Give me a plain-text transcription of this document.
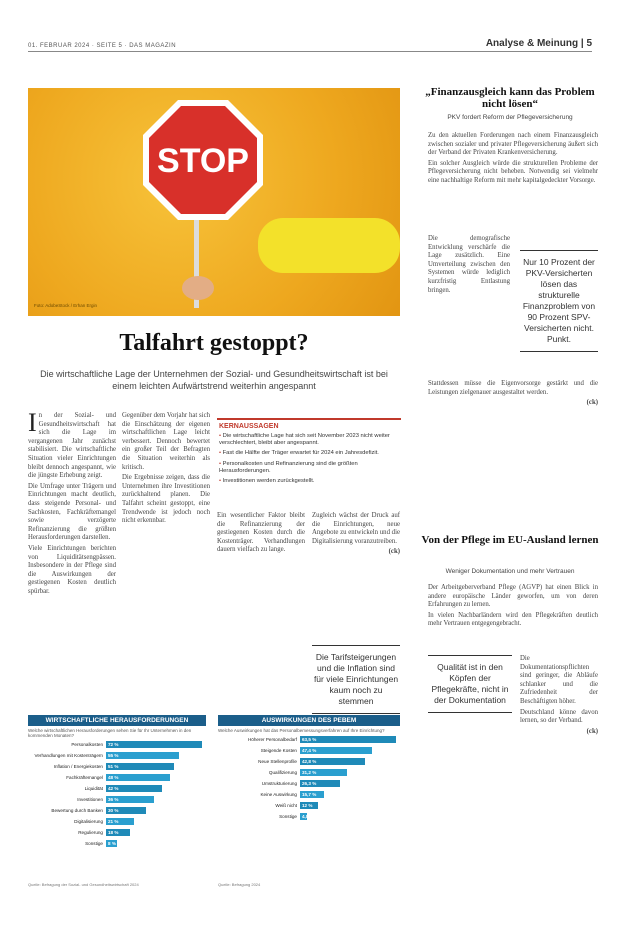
01. FEBRUAR 2024 · SEITE 5 · DAS MAGAZIN	Analyse & Meinung | 5
STOP
Foto: AdobeStock / Erhan Ergin
Talfahrt gestoppt?

Die wirtschaftliche Lage der Unternehmen der Sozial- und Gesundheitswirtschaft ist bei einem leichten Aufwärtstrend weiterhin angespannt

In der Sozial- und Gesundheitswirtschaft hat sich die Lage im vergangenen Jahr zunächst stabilisiert. Die wirtschaftliche Situation vieler Einrichtungen bleibt dennoch angespannt, wie die jüngste Erhebung zeigt.

Die Umfrage unter Trägern und Einrichtungen macht deutlich, dass steigende Personal- und Sachkosten, Fachkräftemangel sowie verzögerte Refinanzierung die größten Herausforderungen darstellen.

Viele Einrichtungen berichten von Liquiditätsengpässen. Insbesondere in der Pflege sind die Auswirkungen der gestiegenen Kosten deutlich spürbar.

Gegenüber dem Vorjahr hat sich die Einschätzung der eigenen wirtschaftlichen Lage leicht verbessert. Dennoch bewertet ein großer Teil der Befragten die Situation weiterhin als kritisch.

Die Ergebnisse zeigen, dass die Unternehmen ihre Investitionen zurückhaltend planen. Die Talfahrt scheint gestoppt, eine Trendwende ist jedoch noch nicht erkennbar.

KERNAUSSAGEN
• Die wirtschaftliche Lage hat sich seit November 2023 nicht weiter verschlechtert, bleibt aber angespannt.
• Fast die Hälfte der Träger erwartet für 2024 ein Jahresdefizit.
• Personalkosten und Refinanzierung sind die größten Herausforderungen.
• Investitionen werden zurückgestellt.

Ein wesentlicher Faktor bleibt die Refinanzierung der gestiegenen Kosten durch die Kostenträger. Verhandlungen dauern vielfach zu lange.

Zugleich wächst der Druck auf die Einrichtungen, neue Angebote zu entwickeln und die Digitalisierung voranzutreiben.

(ck)

Die Tarifsteigerungen und die Inflation sind für viele Einrichtungen kaum noch zu stemmen
WIRTSCHAFTLICHE HERAUSFORDERUNGEN
Welche wirtschaftlichen Herausforderungen sehen Sie für Ihr Unternehmen in den kommenden Monaten?
Personalkosten 72 %
Verhandlungen mit Kostenträgern 55 %
Inflation / Energiekosten 51 %
Fachkräftemangel 48 %
Liquidität 42 %
Investitionen 36 %
Bewertung durch Banken 30 %
Digitalisierung 21 %
Regulierung 18 %
Sonstige 8 %
Quelle: Befragung der Sozial- und Gesundheitswirtschaft 2024
AUSWIRKUNGEN DES PEBEM
Welche Auswirkungen hat das Personalbemessungsverfahren auf Ihre Einrichtung?
Höherer Personalbedarf 63,5 %
Steigende Kosten 47,4 %
Neue Stellenprofile 42,8 %
Qualifizierung 31,2 %
Umstrukturierung 26,3 %
Keine Auswirkung 15,7 %
Weiß nicht 12 %
Sonstige 4,8 %
Quelle: Befragung 2024
„Finanzausgleich kann das Problem nicht lösen“
PKV fordert Reform der Pflegeversicherung

Zu den aktuellen Forderungen nach einem Finanzausgleich zwischen sozialer und privater Pflegeversicherung äußert sich der Verband der Privaten Krankenversicherung.

Ein solcher Ausgleich würde die strukturellen Probleme der Pflegeversicherung nicht beheben. Notwendig sei vielmehr eine nachhaltige Reform mit mehr kapitalgedeckter Vorsorge.

Die demografische Entwicklung verschärfe die Lage zusätzlich. Eine Umverteilung zwischen den Systemen würde lediglich kurzfristig Entlastung bringen.

Nur 10 Prozent der PKV-Versicherten lösen das strukturelle Finanzproblem von 90 Prozent SPV-Versicherten nicht. Punkt.

Stattdessen müsse die Eigenvorsorge gestärkt und die Leistungen zielgenauer ausgestaltet werden.

(ck)

Von der Pflege im EU-Ausland lernen
Weniger Dokumentation und mehr Vertrauen

Der Arbeitgeberverband Pflege (AGVP) hat einen Blick in andere europäische Länder geworfen, um von deren Erfahrungen zu lernen.

In vielen Nachbarländern wird den Pflegekräften deutlich mehr Vertrauen entgegengebracht.

Qualität ist in den Köpfen der Pflegekräfte, nicht in der Dokumentation

Die Dokumentationspflichten sind geringer, die Abläufe schlanker und die Zufriedenheit der Beschäftigten höher.

Deutschland könne davon lernen, so der Verband.

(ck)
